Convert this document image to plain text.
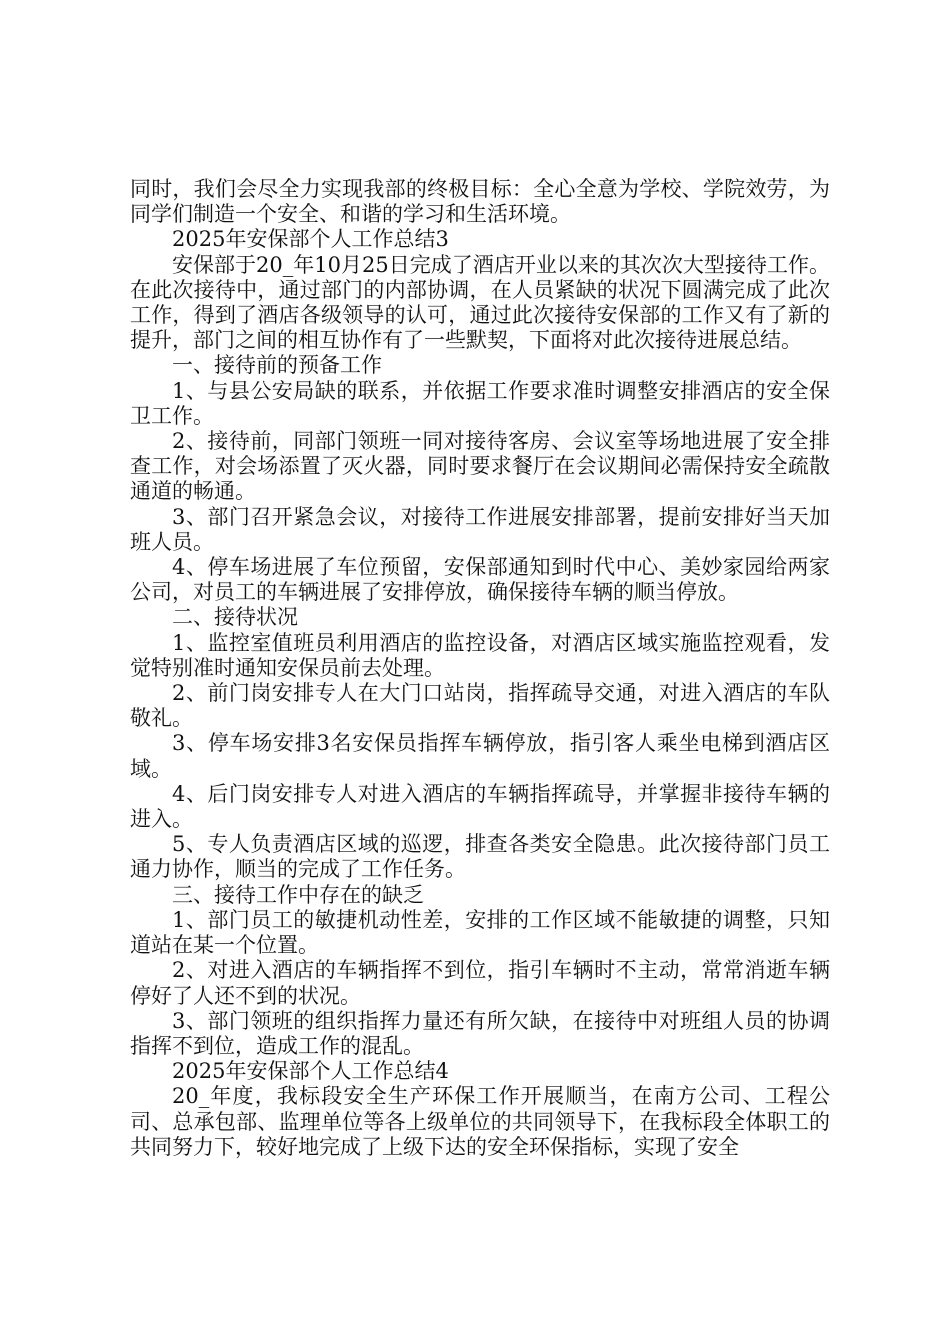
同时，我们会尽全力实现我部的终极目标：全心全意为学校、学院效劳，为同学们制造一个安全、和谐的学习和生活环境。

2025年安保部个人工作总结3

安保部于20_年10月25日完成了酒店开业以来的其次次大型接待工作。在此次接待中，通过部门的内部协调，在人员紧缺的状况下圆满完成了此次工作，得到了酒店各级领导的认可，通过此次接待安保部的工作又有了新的提升，部门之间的相互协作有了一些默契，下面将对此次接待进展总结。

一、接待前的预备工作

1、与县公安局缺的联系，并依据工作要求准时调整安排酒店的安全保卫工作。

2、接待前，同部门领班一同对接待客房、会议室等场地进展了安全排查工作，对会场添置了灭火器，同时要求餐厅在会议期间必需保持安全疏散通道的畅通。

3、部门召开紧急会议，对接待工作进展安排部署，提前安排好当天加班人员。

4、停车场进展了车位预留，安保部通知到时代中心、美妙家园给两家公司，对员工的车辆进展了安排停放，确保接待车辆的顺当停放。

二、接待状况

1、监控室值班员利用酒店的监控设备，对酒店区域实施监控观看，发觉特别准时通知安保员前去处理。

2、前门岗安排专人在大门口站岗，指挥疏导交通，对进入酒店的车队敬礼。

3、停车场安排3名安保员指挥车辆停放，指引客人乘坐电梯到酒店区域。

4、后门岗安排专人对进入酒店的车辆指挥疏导，并掌握非接待车辆的进入。

5、专人负责酒店区域的巡逻，排查各类安全隐患。此次接待部门员工通力协作，顺当的完成了工作任务。

三、接待工作中存在的缺乏

1、部门员工的敏捷机动性差，安排的工作区域不能敏捷的调整，只知道站在某一个位置。

2、对进入酒店的车辆指挥不到位，指引车辆时不主动，常常消逝车辆停好了人还不到的状况。

3、部门领班的组织指挥力量还有所欠缺，在接待中对班组人员的协调指挥不到位，造成工作的混乱。

2025年安保部个人工作总结4

20_年度，我标段安全生产环保工作开展顺当，在南方公司、工程公司、总承包部、监理单位等各上级单位的共同领导下，在我标段全体职工的共同努力下，较好地完成了上级下达的安全环保指标，实现了安全
